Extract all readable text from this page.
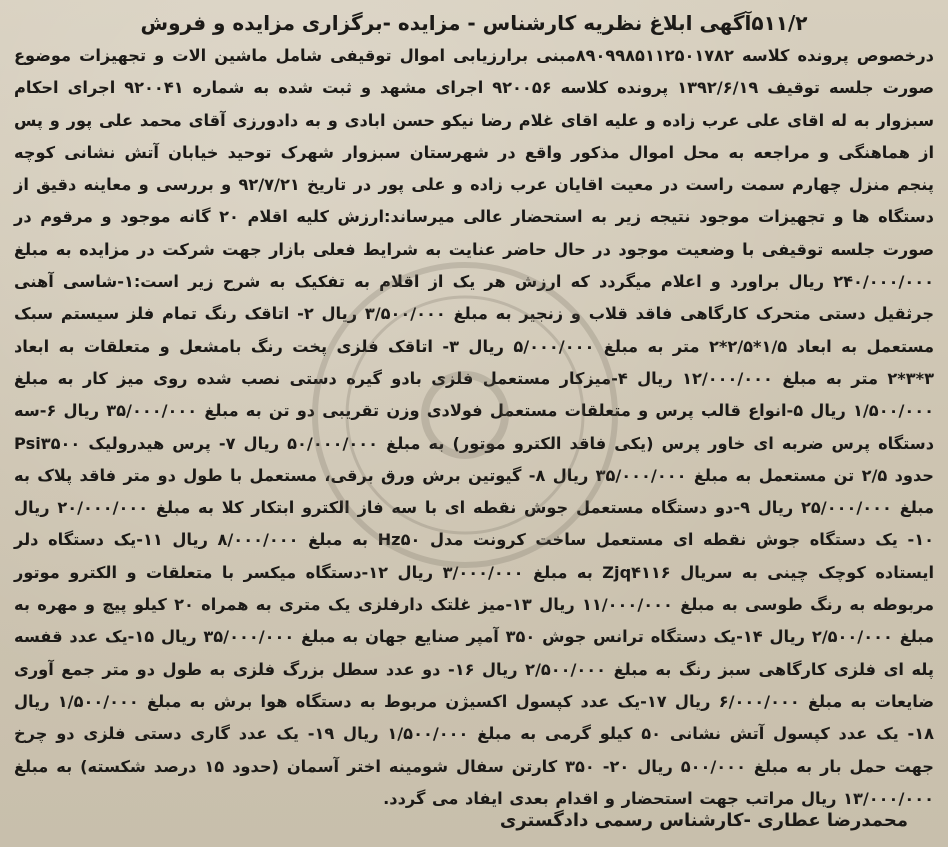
۵۱۱/۲آگهی ابلاغ نظریه کارشناس - مزایده -برگزاری مزایده و فروش

درخصوص پرونده کلاسه ۸۹۰۹۹۸۵۱۱۲۵۰۱۷۸۲مبنی برارزیابی اموال توقیفی شامل ماشین الات و تجهیزات موضوع صورت جلسه توقیف ۱۳۹۲/۶/۱۹ پرونده کلاسه ۹۲۰۰۵۶ اجرای مشهد و ثبت شده به شماره ۹۲۰۰۴۱ اجرای احکام سبزوار به له اقای علی عرب زاده و علیه اقای غلام رضا نیکو حسن ابادی و به دادورزی آقای محمد علی پور و پس از هماهنگی و مراجعه به محل اموال مذکور واقع در شهرستان سبزوار شهرک توحید خیابان آتش نشانی کوچه پنجم منزل چهارم سمت راست در معیت اقایان عرب زاده و علی پور در تاریخ ۹۲/۷/۲۱ و بررسی و معاینه دقیق از دستگاه ها و تجهیزات موجود نتیجه زیر به استحضار عالی میرساند:ارزش کلیه اقلام ۲۰ گانه موجود و مرقوم در صورت جلسه توقیفی با وضعیت موجود در حال حاضر عنایت به شرایط فعلی بازار جهت شرکت در مزایده به مبلغ ۲۴۰/۰۰۰/۰۰۰ ریال براورد و اعلام میگردد که ارزش هر یک از اقلام به تفکیک به شرح زیر است:۱-شاسی آهنی جرثقیل دستی متحرک کارگاهی فاقد قلاب و زنجیر به مبلغ ۳/۵۰۰/۰۰۰ ریال ۲- اتاقک رنگ تمام فلز سیستم سبک مستعمل به ابعاد ۱/۵*۲/۵*۲ متر به مبلغ ۵/۰۰۰/۰۰۰ ریال ۳- اتاقک فلزی پخت رنگ بامشعل و متعلقات به ابعاد ۳*۳*۲ متر به مبلغ ۱۲/۰۰۰/۰۰۰ ریال ۴-میزکار مستعمل فلزی بادو گیره دستی نصب شده روی میز کار به مبلغ ۱/۵۰۰/۰۰۰ ریال ۵-انواع قالب پرس و متعلقات مستعمل فولادی وزن تقریبی دو تن به مبلغ ۳۵/۰۰۰/۰۰۰ ریال ۶-سه دستگاه پرس ضربه ای خاور پرس (یکی فاقد الکترو موتور) به مبلغ ۵۰/۰۰۰/۰۰۰ ریال ۷- پرس هیدرولیک Psi۳۵۰۰ حدود ۲/۵ تن مستعمل به مبلغ ۳۵/۰۰۰/۰۰۰ ریال ۸- گیوتین برش ورق برقی، مستعمل با طول دو متر فاقد پلاک به مبلغ ۲۵/۰۰۰/۰۰۰ ریال ۹-دو دستگاه مستعمل جوش نقطه ای با سه فاز الکترو ابتکار کلا به مبلغ ۲۰/۰۰۰/۰۰۰ ریال ۱۰- یک دستگاه جوش نقطه ای مستعمل ساخت کرونت مدل Hz۵۰ به مبلغ ۸/۰۰۰/۰۰۰ ریال ۱۱-یک دستگاه دلر ایستاده کوچک چینی به سریال Zjq۴۱۱۶ به مبلغ ۳/۰۰۰/۰۰۰ ریال ۱۲-دستگاه میکسر با متعلقات و الکترو موتور مربوطه به رنگ طوسی به مبلغ ۱۱/۰۰۰/۰۰۰ ریال ۱۳-میز غلتک دارفلزی یک متری به همراه ۲۰ کیلو پیچ و مهره به مبلغ ۲/۵۰۰/۰۰۰ ریال ۱۴-یک دستگاه ترانس جوش ۳۵۰ آمپر صنایع جهان به مبلغ ۳۵/۰۰۰/۰۰۰ ریال ۱۵-یک عدد قفسه پله ای فلزی کارگاهی سبز رنگ به مبلغ ۲/۵۰۰/۰۰۰ ریال ۱۶- دو عدد سطل بزرگ فلزی به طول دو متر جمع آوری ضایعات به مبلغ ۶/۰۰۰/۰۰۰ ریال ۱۷-یک عدد کپسول اکسیژن مربوط به دستگاه هوا برش به مبلغ ۱/۵۰۰/۰۰۰ ریال ۱۸- یک عدد کپسول آتش نشانی ۵۰ کیلو گرمی به مبلغ ۱/۵۰۰/۰۰۰ ریال ۱۹- یک عدد گاری دستی فلزی دو چرخ جهت حمل بار به مبلغ ۵۰۰/۰۰۰ ریال ۲۰- ۳۵۰ کارتن سفال شومینه اختر آسمان (حدود ۱۵ درصد شکسته) به مبلغ ۱۳/۰۰۰/۰۰۰ ریال مراتب جهت استحضار و اقدام بعدی ایفاد می گردد.

محمدرضا عطاری -کارشناس رسمی دادگستری
